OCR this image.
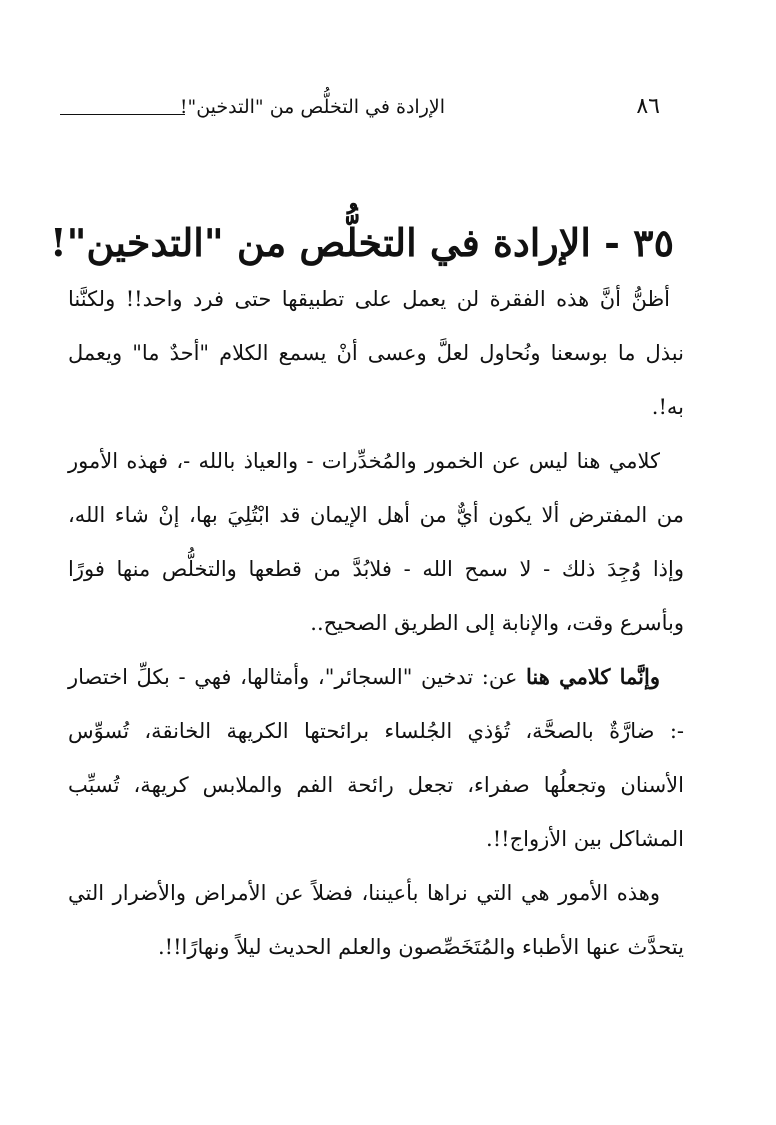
٨٦
الإرادة في التخلُّص من "التدخين"!
٣٥ - الإرادة في التخلُّص من "التدخين"!

أظنُّ أنَّ هذه الفقرة لن يعمل على تطبيقها حتى فرد واحد!! ولكنَّنا نبذل ما بوسعنا ونُحاول لعلَّ وعسى أنْ يسمع الكلام "أحدٌ ما" ويعمل به!.

كلامي هنا ليس عن الخمور والمُخدِّرات - والعياذ بالله -، فهذه الأمور من المفترض ألا يكون أيٌّ من أهل الإيمان قد ابْتُلِيَ بها، إنْ شاء الله، وإذا وُجِدَ ذلك - لا سمح الله - فلابُدَّ من قطعها والتخلُّص منها فورًا وبأسرع وقت، والإنابة إلى الطريق الصحيح..

وإنَّما كلامي هنا عن: تدخين "السجائر"، وأمثالها، فهي - بكلِّ اختصار -: ضارَّةٌ بالصحَّة، تُؤذي الجُلساء برائحتها الكريهة الخانقة، تُسوِّس الأسنان وتجعلُها صفراء، تجعل رائحة الفم والملابس كريهة، تُسبِّب المشاكل بين الأزواج!!.

وهذه الأمور هي التي نراها بأعيننا، فضلاً عن الأمراض والأضرار التي يتحدَّث عنها الأطباء والمُتَخَصِّصون والعلم الحديث ليلاً ونهارًا!!.
